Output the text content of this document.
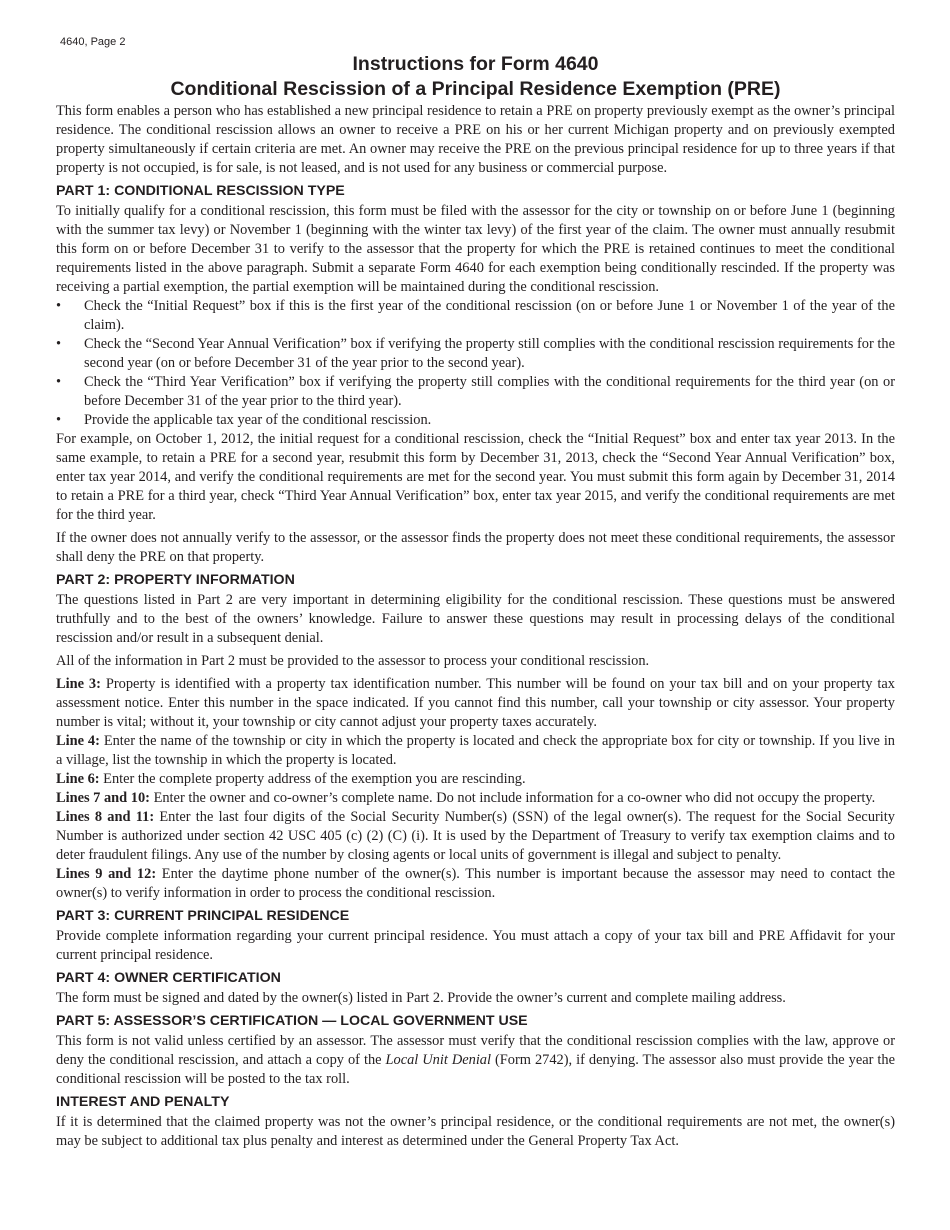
4640, Page 2
Instructions for Form 4640
Conditional Rescission of a Principal Residence Exemption (PRE)

This form enables a person who has established a new principal residence to retain a PRE on property previously exempt as the owner’s principal residence. The conditional rescission allows an owner to receive a PRE on his or her current Michigan property and on previously exempted property simultaneously if certain criteria are met. An owner may receive the PRE on the previous principal residence for up to three years if that property is not occupied, is for sale, is not leased, and is not used for any business or commercial purpose.

PART 1: CONDITIONAL RESCISSION TYPE

To initially qualify for a conditional rescission, this form must be filed with the assessor for the city or township on or before June 1 (beginning with the summer tax levy) or November 1 (beginning with the winter tax levy) of the first year of the claim. The owner must annually resubmit this form on or before December 31 to verify to the assessor that the property for which the PRE is retained continues to meet the conditional requirements listed in the above paragraph. Submit a separate Form 4640 for each exemption being conditionally rescinded. If the property was receiving a partial exemption, the partial exemption will be maintained during the conditional rescission.

• Check the “Initial Request” box if this is the first year of the conditional rescission (on or before June 1 or November 1 of the year of the claim).
• Check the “Second Year Annual Verification” box if verifying the property still complies with the conditional rescission requirements for the second year (on or before December 31 of the year prior to the second year).
• Check the “Third Year Verification” box if verifying the property still complies with the conditional requirements for the third year (on or before December 31 of the year prior to the third year).
• Provide the applicable tax year of the conditional rescission.

For example, on October 1, 2012, the initial request for a conditional rescission, check the “Initial Request” box and enter tax year 2013. In the same example, to retain a PRE for a second year, resubmit this form by December 31, 2013, check the “Second Year Annual Verification” box, enter tax year 2014, and verify the conditional requirements are met for the second year. You must submit this form again by December 31, 2014 to retain a PRE for a third year, check “Third Year Annual Verification” box, enter tax year 2015, and verify the conditional requirements are met for the third year.

If the owner does not annually verify to the assessor, or the assessor finds the property does not meet these conditional requirements, the assessor shall deny the PRE on that property.

PART 2: PROPERTY INFORMATION

The questions listed in Part 2 are very important in determining eligibility for the conditional rescission. These questions must be answered truthfully and to the best of the owners’ knowledge. Failure to answer these questions may result in processing delays of the conditional rescission and/or result in a subsequent denial.

All of the information in Part 2 must be provided to the assessor to process your conditional rescission.

Line 3: Property is identified with a property tax identification number. This number will be found on your tax bill and on your property tax assessment notice. Enter this number in the space indicated. If you cannot find this number, call your township or city assessor. Your property number is vital; without it, your township or city cannot adjust your property taxes accurately.

Line 4: Enter the name of the township or city in which the property is located and check the appropriate box for city or township. If you live in a village, list the township in which the property is located.

Line 6: Enter the complete property address of the exemption you are rescinding.

Lines 7 and 10: Enter the owner and co-owner’s complete name. Do not include information for a co-owner who did not occupy the property.

Lines 8 and 11: Enter the last four digits of the Social Security Number(s) (SSN) of the legal owner(s). The request for the Social Security Number is authorized under section 42 USC 405 (c) (2) (C) (i). It is used by the Department of Treasury to verify tax exemption claims and to deter fraudulent filings. Any use of the number by closing agents or local units of government is illegal and subject to penalty.

Lines 9 and 12: Enter the daytime phone number of the owner(s). This number is important because the assessor may need to contact the owner(s) to verify information in order to process the conditional rescission.

PART 3: CURRENT PRINCIPAL RESIDENCE

Provide complete information regarding your current principal residence. You must attach a copy of your tax bill and PRE Affidavit for your current principal residence.

PART 4: OWNER CERTIFICATION

The form must be signed and dated by the owner(s) listed in Part 2. Provide the owner’s current and complete mailing address.

PART 5: ASSESSOR’S CERTIFICATION — LOCAL GOVERNMENT USE

This form is not valid unless certified by an assessor. The assessor must verify that the conditional rescission complies with the law, approve or deny the conditional rescission, and attach a copy of the Local Unit Denial (Form 2742), if denying. The assessor also must provide the year the conditional rescission will be posted to the tax roll.

INTEREST AND PENALTY

If it is determined that the claimed property was not the owner’s principal residence, or the conditional requirements are not met, the owner(s) may be subject to additional tax plus penalty and interest as determined under the General Property Tax Act.
